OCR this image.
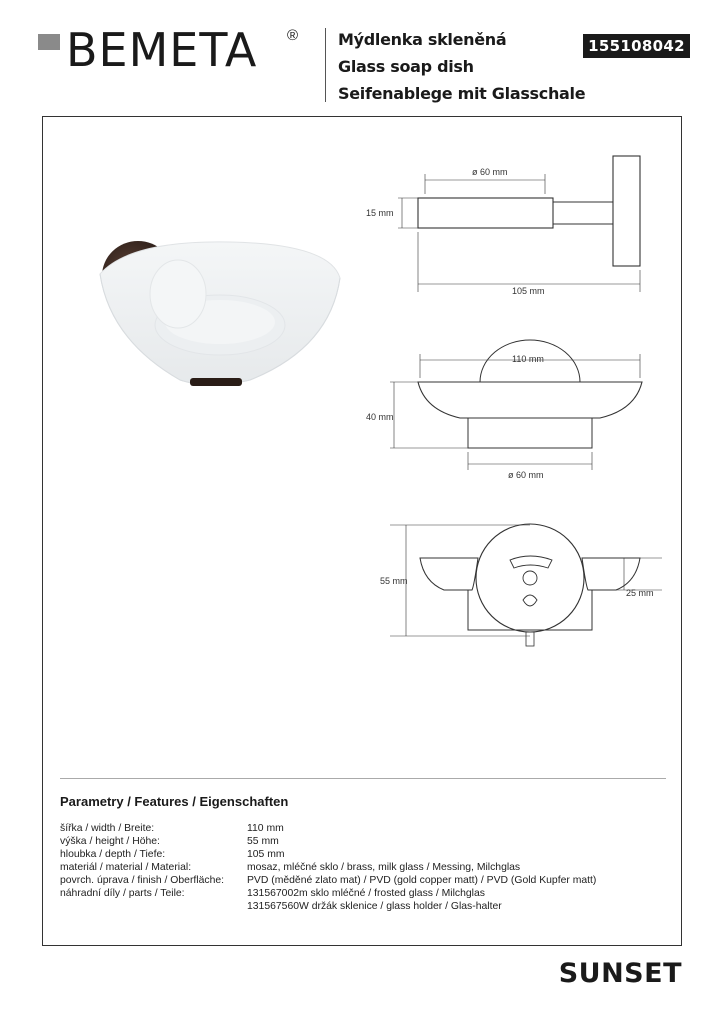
BEMETA ® Mýdlenka skleněná
Glass soap dish
Seifenablege mit Glasschale
155108042
ø 60 mm
15 mm
105 mm
110 mm
40 mm
ø 60 mm
55 mm
25 mm
Parametry / Features / Eigenschaften
šířka / width / Breite:	110 mm
výška / height / Höhe:	55 mm
hloubka / depth / Tiefe:	105 mm
materiál / material / Material:	mosaz, mléčné sklo / brass, milk glass / Messing, Milchglas
povrch. úprava / finish / Oberfläche: PVD (měděné zlato mat) / PVD (gold copper matt) / PVD (Gold Kupfer matt)
náhradní díly / parts / Teile:	131567002m sklo mléčné / frosted glass / Milchglas
131567560W držák sklenice / glass holder / Glas-halter
SUNSET
